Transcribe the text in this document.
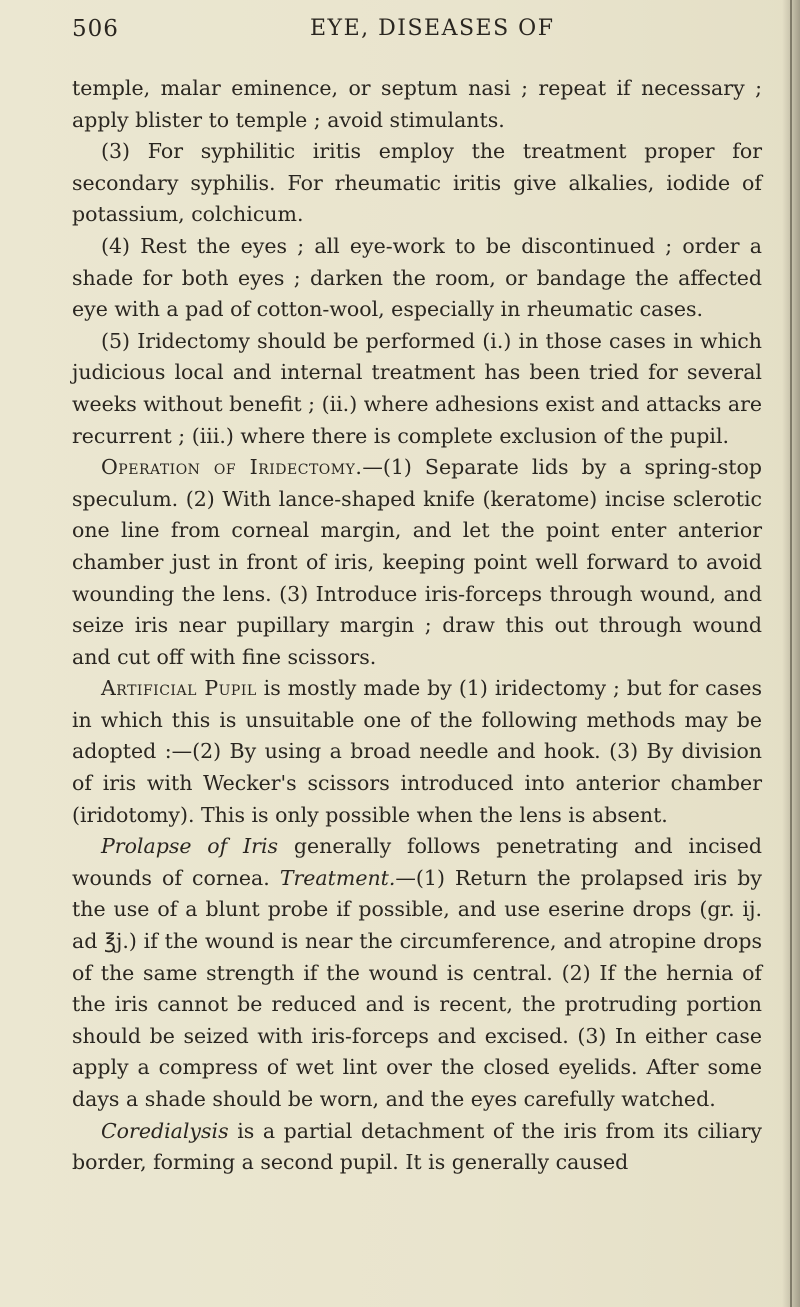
506	EYE, DISEASES OF

temple, malar eminence, or septum nasi ; repeat if necessary ; apply blister to temple ; avoid stimulants.

(3) For syphilitic iritis employ the treatment proper for secondary syphilis. For rheumatic iritis give alkalies, iodide of potassium, colchicum.

(4) Rest the eyes ; all eye-work to be discontinued ; order a shade for both eyes ; darken the room, or bandage the affected eye with a pad of cotton-wool, especially in rheumatic cases.

(5) Iridectomy should be performed (i.) in those cases in which judicious local and internal treatment has been tried for several weeks without benefit ; (ii.) where adhesions exist and attacks are recurrent ; (iii.) where there is complete exclusion of the pupil.

Operation of Iridectomy.—(1) Separate lids by a spring-stop speculum. (2) With lance-shaped knife (keratome) incise sclerotic one line from corneal margin, and let the point enter anterior chamber just in front of iris, keeping point well forward to avoid wounding the lens. (3) Introduce iris-forceps through wound, and seize iris near pupillary margin ; draw this out through wound and cut off with fine scissors.

Artificial Pupil is mostly made by (1) iridectomy ; but for cases in which this is unsuitable one of the following methods may be adopted :—(2) By using a broad needle and hook. (3) By division of iris with Wecker's scissors introduced into anterior chamber (iridotomy). This is only possible when the lens is absent.

Prolapse of Iris generally follows penetrating and incised wounds of cornea. Treatment.—(1) Return the prolapsed iris by the use of a blunt probe if possible, and use eserine drops (gr. ij. ad ℥j.) if the wound is near the circumference, and atropine drops of the same strength if the wound is central. (2) If the hernia of the iris cannot be reduced and is recent, the protruding portion should be seized with iris-forceps and excised. (3) In either case apply a compress of wet lint over the closed eyelids. After some days a shade should be worn, and the eyes carefully watched.

Coredialysis is a partial detachment of the iris from its ciliary border, forming a second pupil. It is generally caused
